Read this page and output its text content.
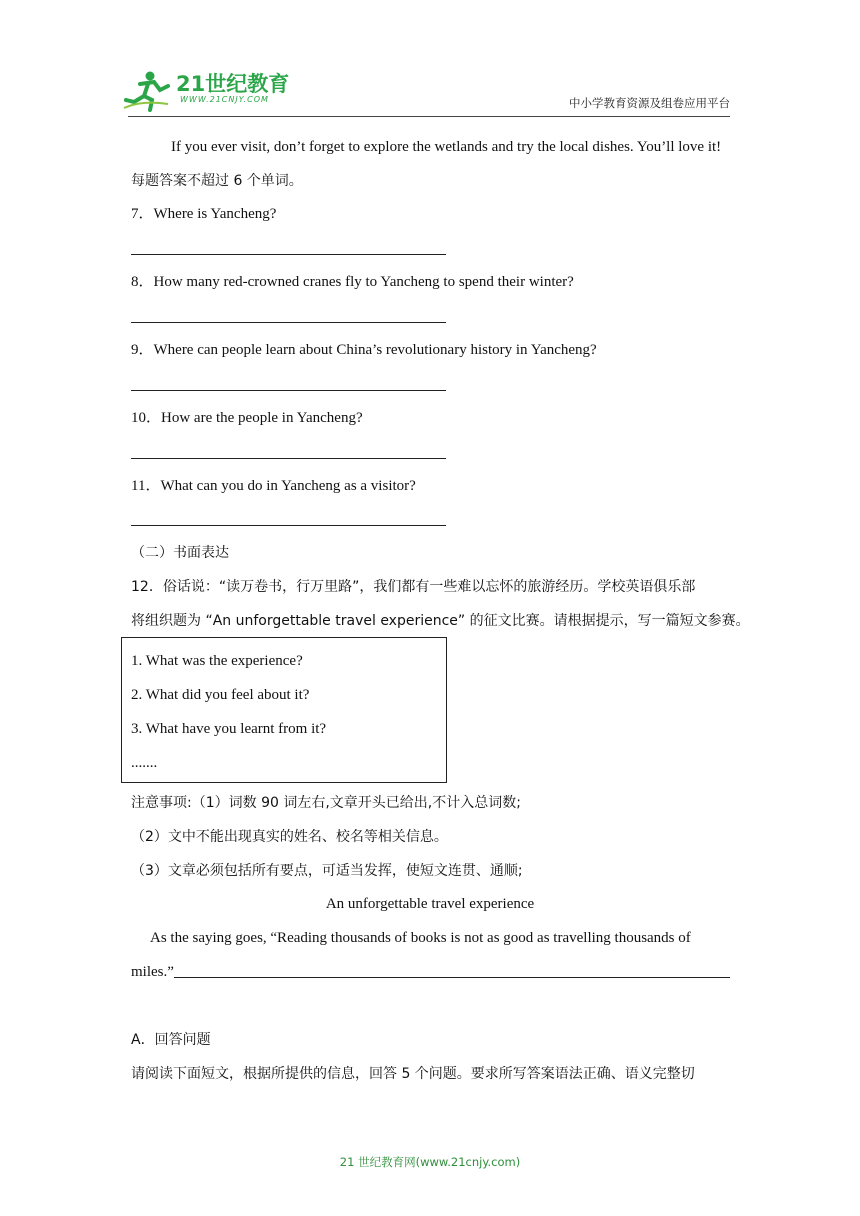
21世纪教育
WWW.21CNJY.COM	中小学教育资源及组卷应用平台
If you ever visit, don’t forget to explore the wetlands and try the local dishes. You’ll love it!
每题答案不超过 6 个单词。
7．Where is Yancheng?
8．How many red-crowned cranes fly to Yancheng to spend their winter?
9．Where can people learn about China’s revolutionary history in Yancheng?
10．How are the people in Yancheng?
11．What can you do in Yancheng as a visitor?
（二）书面表达
12．俗话说：“读万卷书，行万里路”，我们都有一些难以忘怀的旅游经历。学校英语俱乐部
将组织题为 “An unforgettable travel experience” 的征文比赛。请根据提示，写一篇短文参赛。
1. What was the experience?
2. What did you feel about it?
3. What have you learnt from it?
.......
注意事项:（1）词数 90 词左右,文章开头已给出,不计入总词数;
（2）文中不能出现真实的姓名、校名等相关信息。
（3）文章必须包括所有要点，可适当发挥，使短文连贯、通顺;
An unforgettable travel experience
As the saying goes, “Reading thousands of books is not as good as travelling thousands of
miles.”
A．回答问题
请阅读下面短文，根据所提供的信息，回答 5 个问题。要求所写答案语法正确、语义完整切
21 世纪教育网(www.21cnjy.com)
